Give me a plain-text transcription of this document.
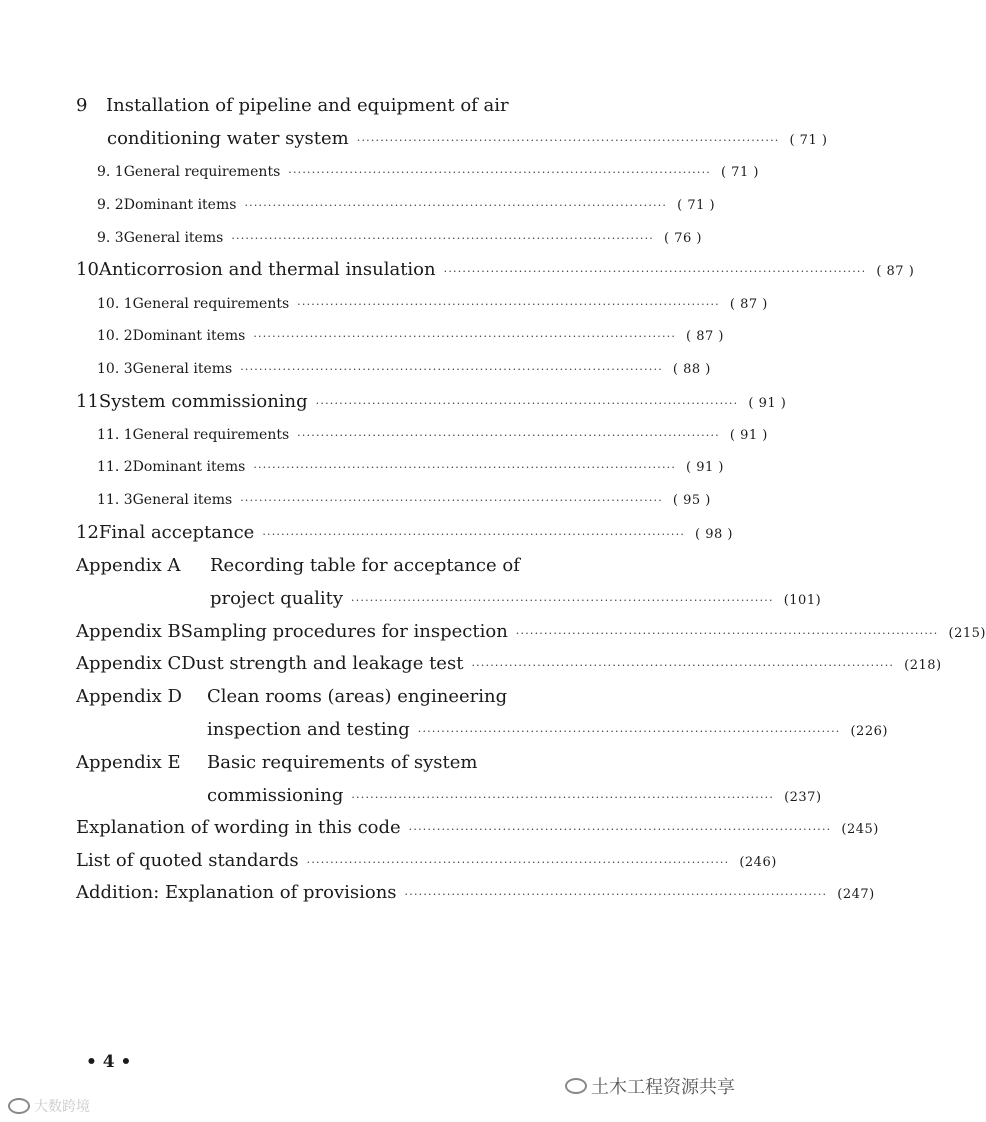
9	Installation of pipeline and equipment of air
conditioning water system ·························································································· ( 71 )
9. 1 General requirements ·························································································· ( 71 )
9. 2 Dominant items ·························································································· ( 71 )
9. 3 General items ·························································································· ( 76 )
10 Anticorrosion and thermal insulation ·························································································· ( 87 )
10. 1 General requirements ·························································································· ( 87 )
10. 2 Dominant items ·························································································· ( 87 )
10. 3 General items ·························································································· ( 88 )
11 System commissioning ·························································································· ( 91 )
11. 1 General requirements ·························································································· ( 91 )
11. 2 Dominant items ·························································································· ( 91 )
11. 3 General items ·························································································· ( 95 )
12 Final acceptance ·························································································· ( 98 )
Appendix A	Recording table for acceptance of
project quality ·························································································· (101)
Appendix B Sampling procedures for inspection ·························································································· (215)
Appendix C Dust strength and leakage test ·························································································· (218)
Appendix D	Clean rooms (areas) engineering
inspection and testing ·························································································· (226)
Appendix E	Basic requirements of system
commissioning ·························································································· (237)
Explanation of wording in this code ·························································································· (245)
List of quoted standards ·························································································· (246)
Addition: Explanation of provisions ·························································································· (247)
• 4 •
大数跨境
土木工程资源共享
